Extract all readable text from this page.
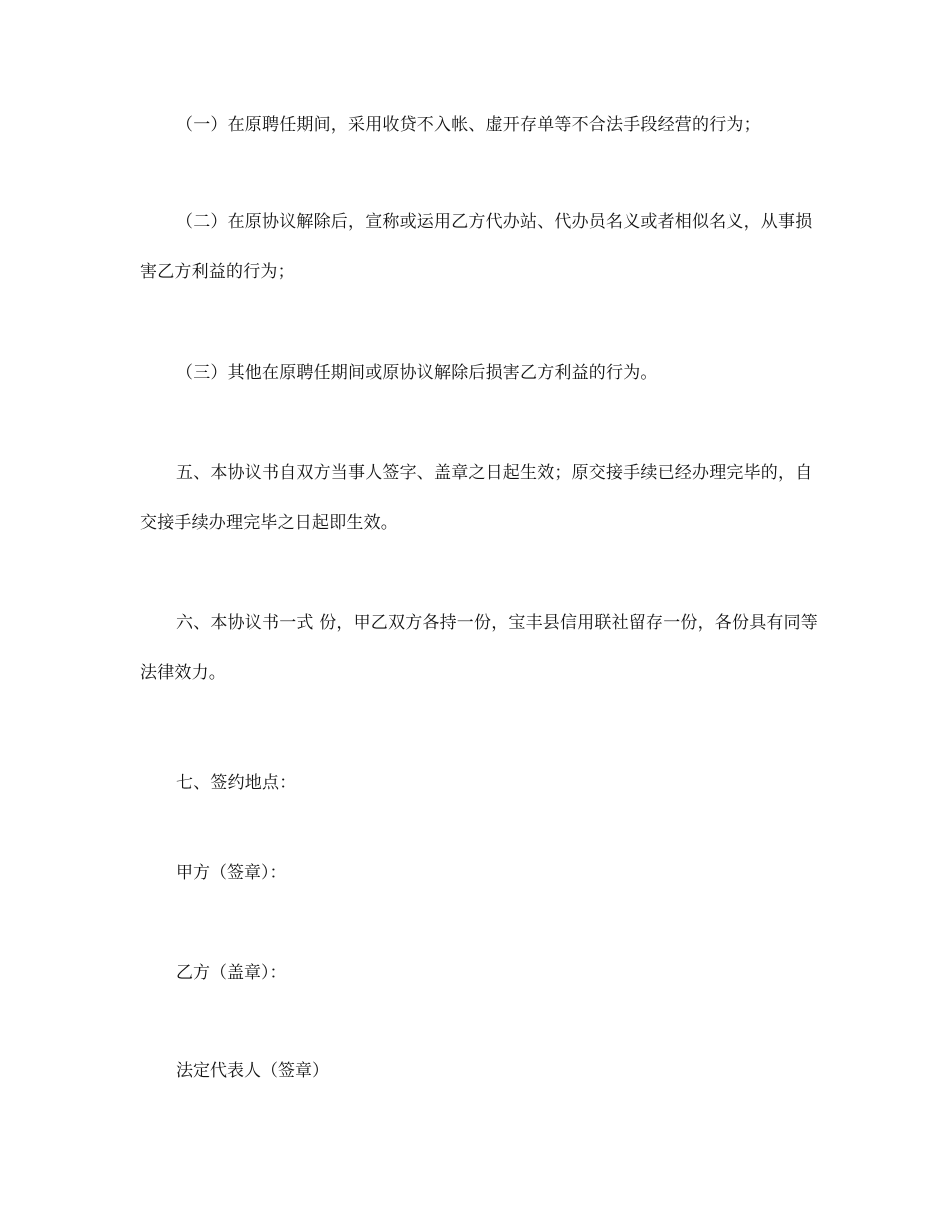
（一）在原聘任期间，采用收贷不入帐、虚开存单等不合法手段经营的行为；

（二）在原协议解除后，宣称或运用乙方代办站、代办员名义或者相似名义，从事损害乙方利益的行为；

（三）其他在原聘任期间或原协议解除后损害乙方利益的行为。

五、本协议书自双方当事人签字、盖章之日起生效；原交接手续已经办理完毕的，自交接手续办理完毕之日起即生效。

六、本协议书一式 份，甲乙双方各持一份，宝丰县信用联社留存一份，各份具有同等法律效力。

七、签约地点：

甲方（签章）：

乙方（盖章）：

法定代表人（签章）
